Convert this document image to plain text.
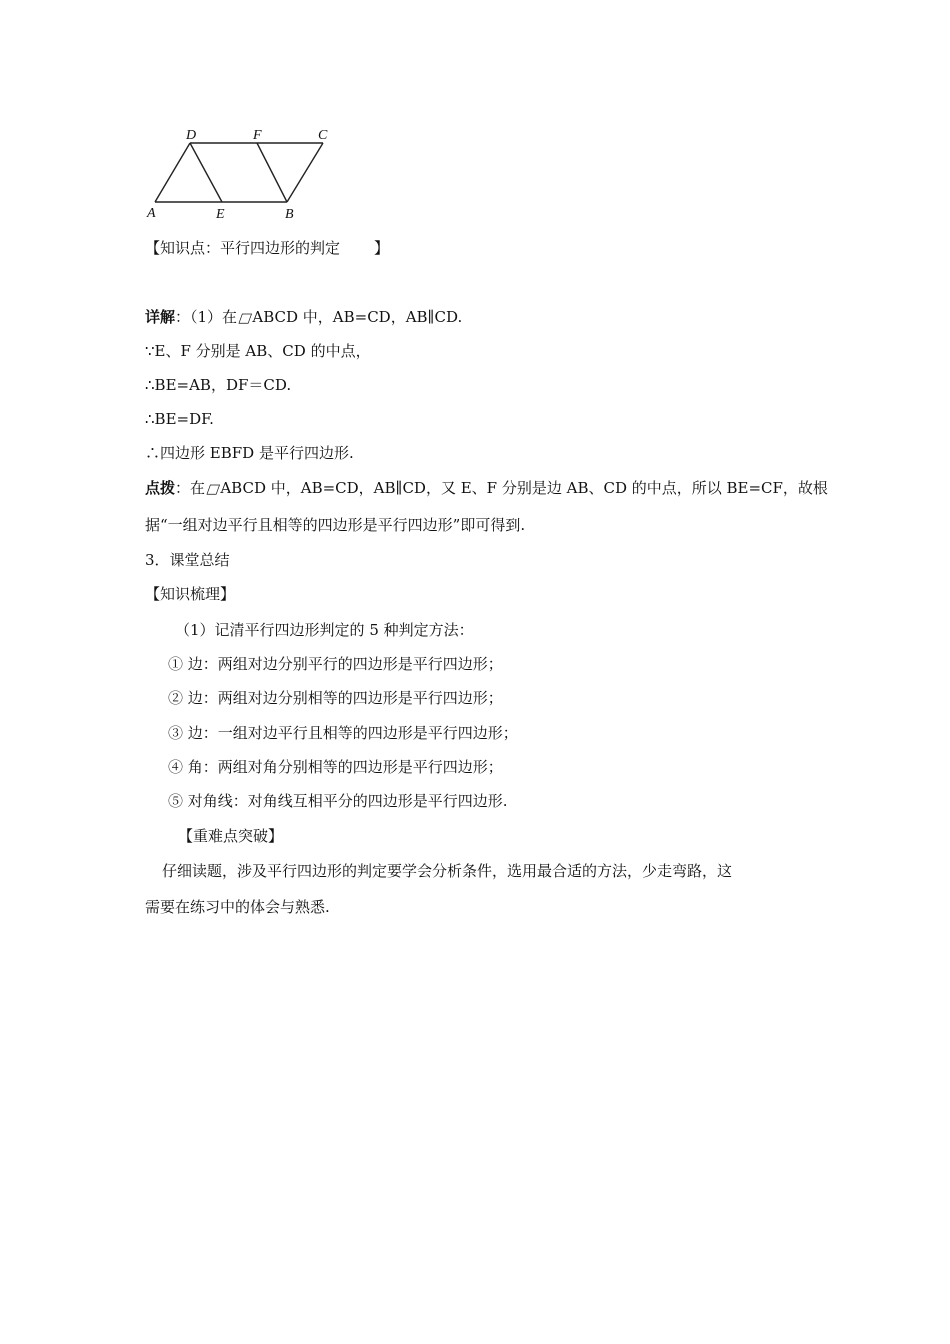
D	F	C
A	E	B
【知识点：平行四边形的判定 】
详解：（1）在□ABCD 中，AB=CD，AB∥CD.
∵E、F 分别是 AB、CD 的中点，
∴BE=AB，DF＝CD.
∴BE=DF.
∴四边形 EBFD 是平行四边形.
点拨：在□ABCD 中，AB=CD，AB∥CD，又 E、F 分别是边 AB、CD 的中点，所以 BE=CF，故根
据“一组对边平行且相等的四边形是平行四边形”即可得到.
3．课堂总结
【知识梳理】
（1）记清平行四边形判定的 5 种判定方法：
① 边：两组对边分别平行的四边形是平行四边形；
② 边：两组对边分别相等的四边形是平行四边形；
③ 边：一组对边平行且相等的四边形是平行四边形；
④ 角：两组对角分别相等的四边形是平行四边形；
⑤ 对角线：对角线互相平分的四边形是平行四边形.
【重难点突破】
仔细读题，涉及平行四边形的判定要学会分析条件，选用最合适的方法，少走弯路，这
需要在练习中的体会与熟悉.
